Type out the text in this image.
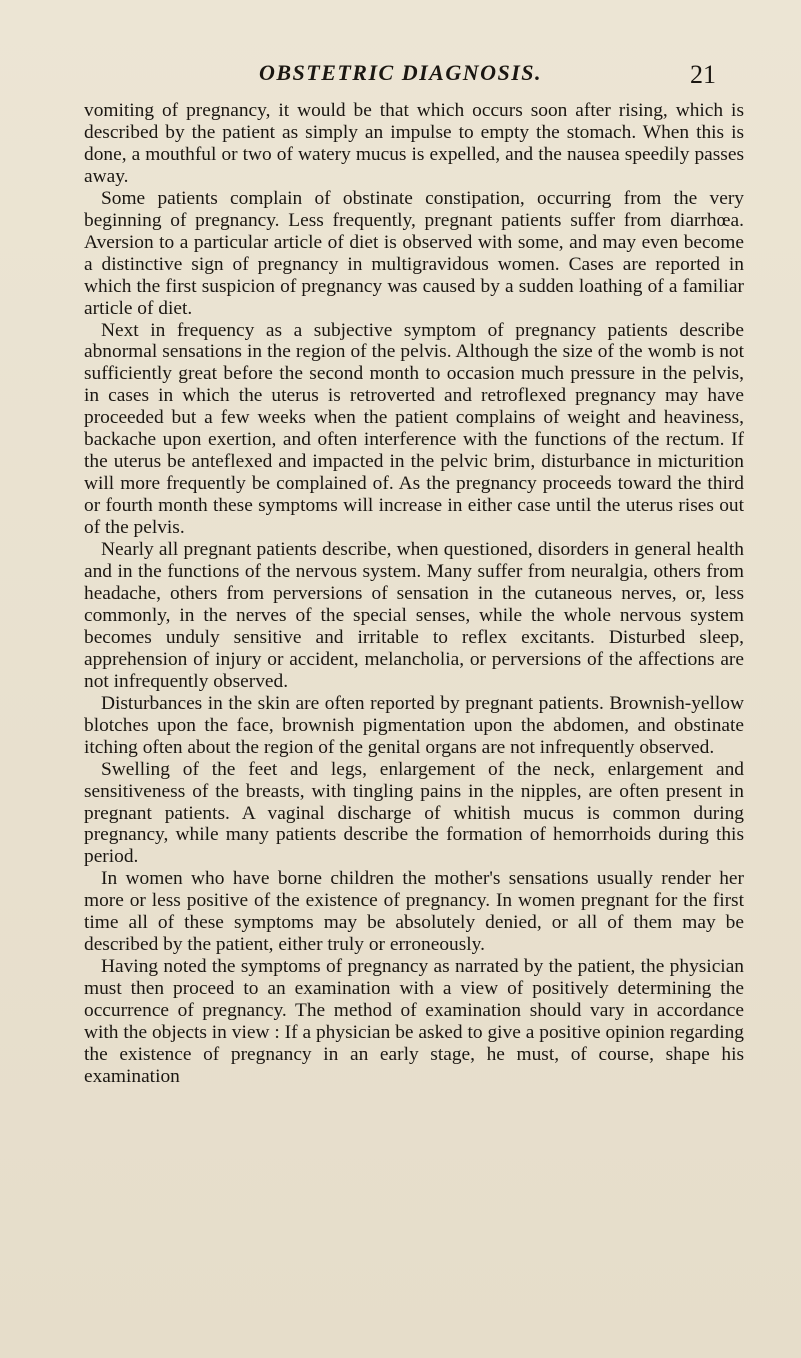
OBSTETRIC DIAGNOSIS.	21

vomiting of pregnancy, it would be that which occurs soon after rising, which is described by the patient as simply an impulse to empty the stomach. When this is done, a mouthful or two of watery mucus is expelled, and the nausea speedily passes away.

Some patients complain of obstinate constipation, occurring from the very beginning of pregnancy. Less frequently, pregnant patients suffer from diarrhœa. Aversion to a particular article of diet is observed with some, and may even become a distinctive sign of pregnancy in multigravidous women. Cases are reported in which the first suspicion of pregnancy was caused by a sudden loathing of a familiar article of diet.

Next in frequency as a subjective symptom of pregnancy patients describe abnormal sensations in the region of the pelvis. Although the size of the womb is not sufficiently great before the second month to occasion much pressure in the pelvis, in cases in which the uterus is retroverted and retroflexed pregnancy may have proceeded but a few weeks when the patient complains of weight and heaviness, backache upon exertion, and often interference with the functions of the rectum. If the uterus be anteflexed and impacted in the pelvic brim, disturbance in micturition will more frequently be complained of. As the pregnancy proceeds toward the third or fourth month these symptoms will increase in either case until the uterus rises out of the pelvis.

Nearly all pregnant patients describe, when questioned, disorders in general health and in the functions of the nervous system. Many suffer from neuralgia, others from headache, others from perversions of sensation in the cutaneous nerves, or, less commonly, in the nerves of the special senses, while the whole nervous system becomes unduly sensitive and irritable to reflex excitants. Disturbed sleep, apprehension of injury or accident, melancholia, or perversions of the affections are not infrequently observed.

Disturbances in the skin are often reported by pregnant patients. Brownish-yellow blotches upon the face, brownish pigmentation upon the abdomen, and obstinate itching often about the region of the genital organs are not infrequently observed.

Swelling of the feet and legs, enlargement of the neck, enlargement and sensitiveness of the breasts, with tingling pains in the nipples, are often present in pregnant patients. A vaginal discharge of whitish mucus is common during pregnancy, while many patients describe the formation of hemorrhoids during this period.

In women who have borne children the mother's sensations usually render her more or less positive of the existence of pregnancy. In women pregnant for the first time all of these symptoms may be absolutely denied, or all of them may be described by the patient, either truly or erroneously.

Having noted the symptoms of pregnancy as narrated by the patient, the physician must then proceed to an examination with a view of positively determining the occurrence of pregnancy. The method of examination should vary in accordance with the objects in view : If a physician be asked to give a positive opinion regarding the existence of pregnancy in an early stage, he must, of course, shape his examination
